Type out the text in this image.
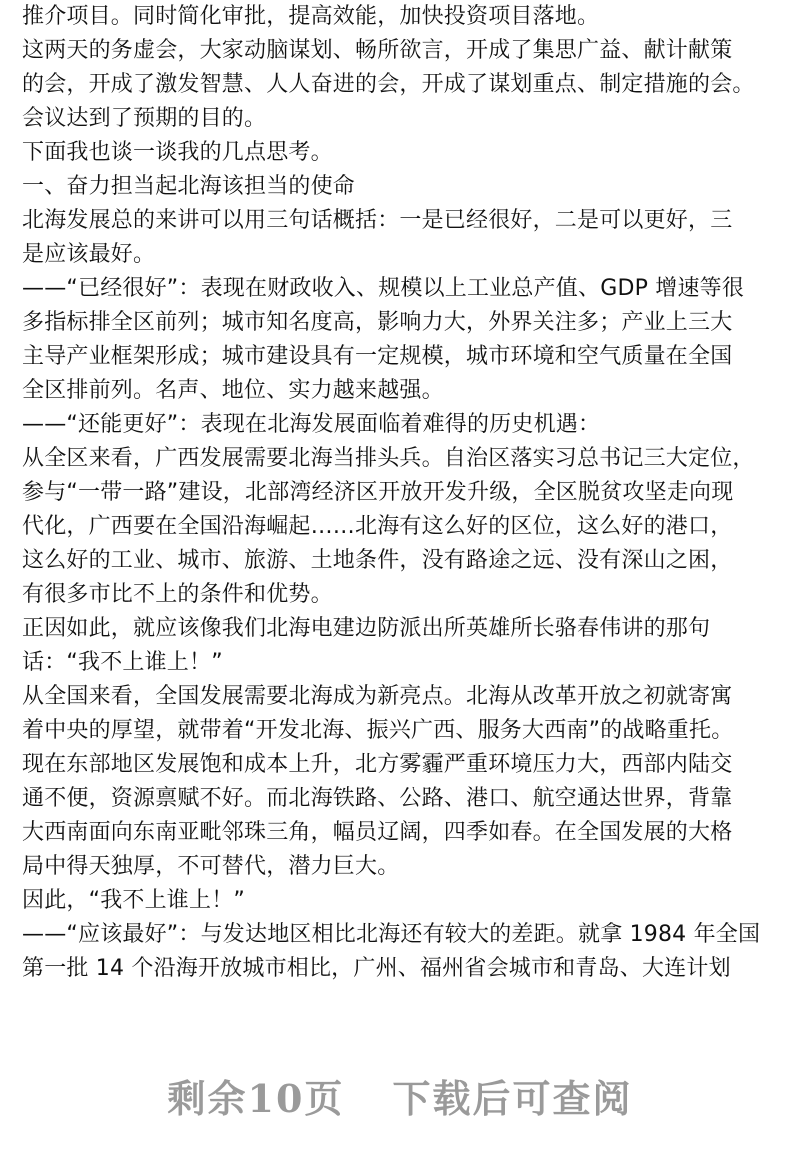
推介项目。同时简化审批，提高效能，加快投资项目落地。
这两天的务虚会，大家动脑谋划、畅所欲言，开成了集思广益、献计献策
的会，开成了激发智慧、人人奋进的会，开成了谋划重点、制定措施的会。
会议达到了预期的目的。
下面我也谈一谈我的几点思考。
一、奋力担当起北海该担当的使命
北海发展总的来讲可以用三句话概括：一是已经很好，二是可以更好，三
是应该最好。
——“已经很好”：表现在财政收入、规模以上工业总产值、GDP 增速等很
多指标排全区前列；城市知名度高，影响力大，外界关注多；产业上三大
主导产业框架形成；城市建设具有一定规模，城市环境和空气质量在全国
全区排前列。名声、地位、实力越来越强。
——“还能更好”：表现在北海发展面临着难得的历史机遇：
从全区来看，广西发展需要北海当排头兵。自治区落实习总书记三大定位，
参与“一带一路”建设，北部湾经济区开放开发升级，全区脱贫攻坚走向现
代化，广西要在全国沿海崛起……北海有这么好的区位，这么好的港口，
这么好的工业、城市、旅游、土地条件，没有路途之远、没有深山之困，
有很多市比不上的条件和优势。
正因如此，就应该像我们北海电建边防派出所英雄所长骆春伟讲的那句
话：“我不上谁上！”
从全国来看，全国发展需要北海成为新亮点。北海从改革开放之初就寄寓
着中央的厚望，就带着“开发北海、振兴广西、服务大西南”的战略重托。
现在东部地区发展饱和成本上升，北方雾霾严重环境压力大，西部内陆交
通不便，资源禀赋不好。而北海铁路、公路、港口、航空通达世界，背靠
大西南面向东南亚毗邻珠三角，幅员辽阔，四季如春。在全国发展的大格
局中得天独厚，不可替代，潜力巨大。
因此，“我不上谁上！”
——“应该最好”：与发达地区相比北海还有较大的差距。就拿 1984 年全国
第一批 14 个沿海开放城市相比，广州、福州省会城市和青岛、大连计划
剩余10页 下载后可查阅
